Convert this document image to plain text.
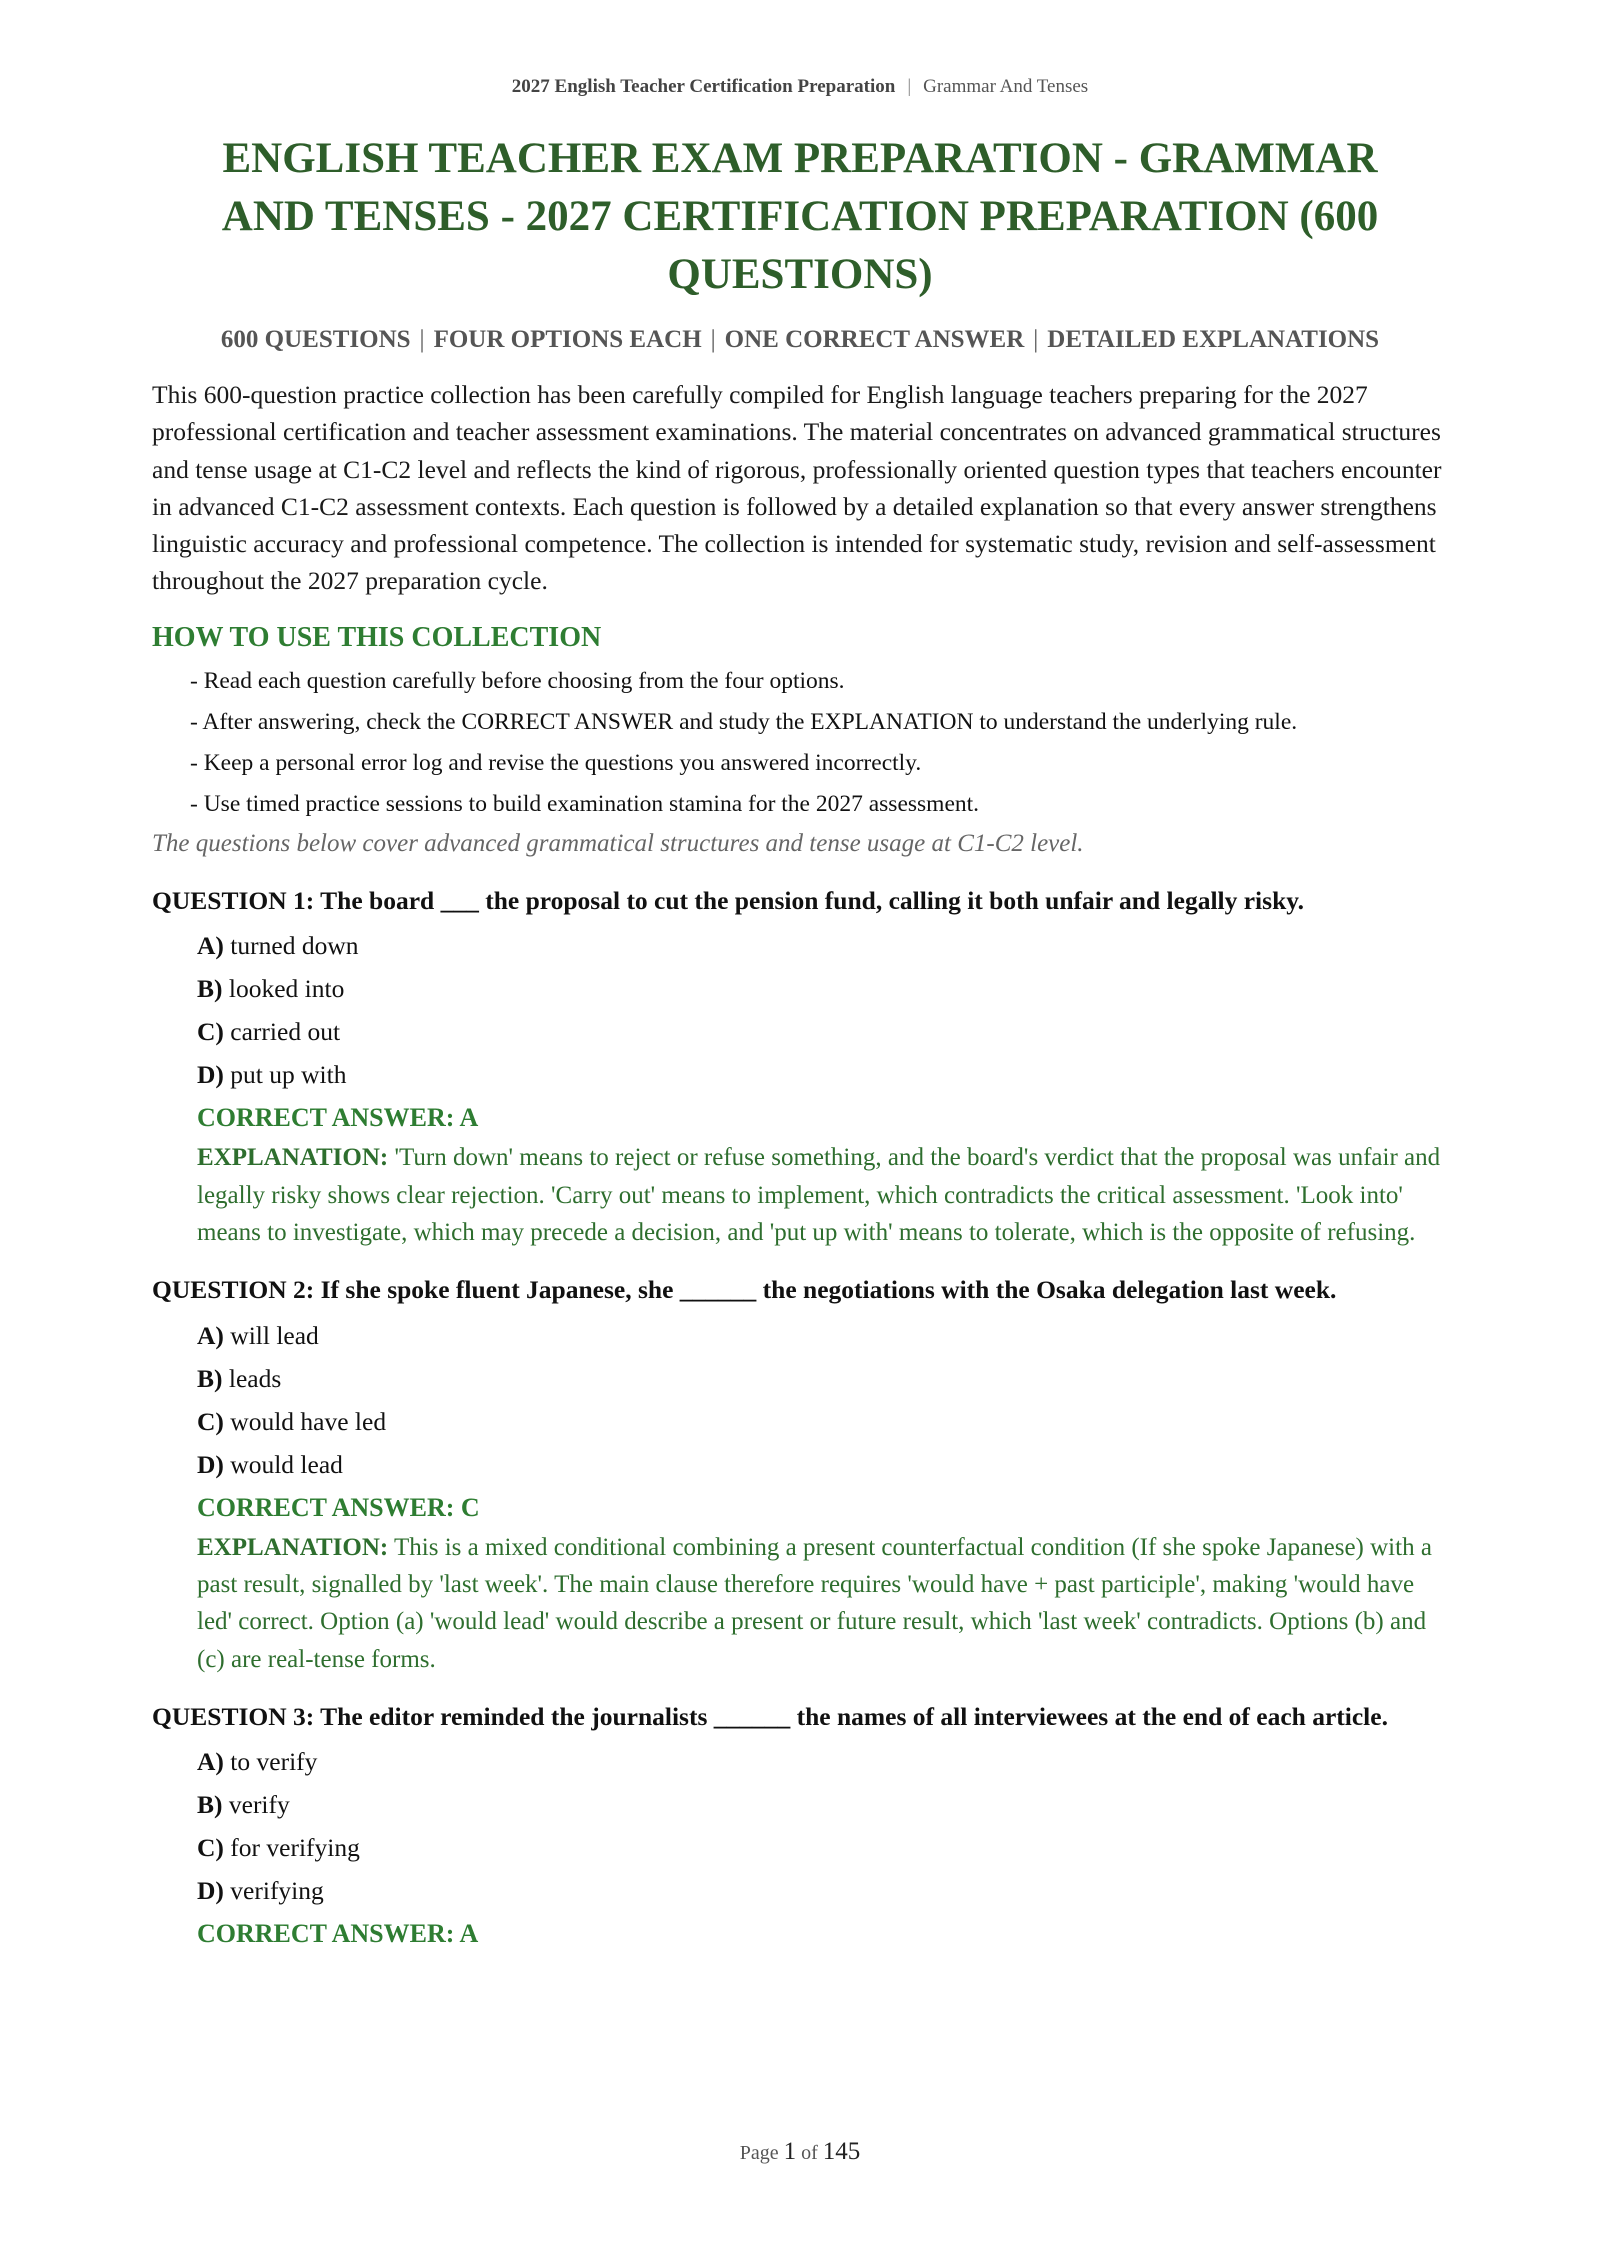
2027 English Teacher Certification Preparation | Grammar And Tenses
ENGLISH TEACHER EXAM PREPARATION - GRAMMAR AND TENSES - 2027 CERTIFICATION PREPARATION (600 QUESTIONS)
600 QUESTIONS | FOUR OPTIONS EACH | ONE CORRECT ANSWER | DETAILED EXPLANATIONS

This 600-question practice collection has been carefully compiled for English language teachers preparing for the 2027 professional certification and teacher assessment examinations. The material concentrates on advanced grammatical structures and tense usage at C1-C2 level and reflects the kind of rigorous, professionally oriented question types that teachers encounter in advanced C1-C2 assessment contexts. Each question is followed by a detailed explanation so that every answer strengthens linguistic accuracy and professional competence. The collection is intended for systematic study, revision and self-assessment throughout the 2027 preparation cycle.

HOW TO USE THIS COLLECTION
- Read each question carefully before choosing from the four options.
- After answering, check the CORRECT ANSWER and study the EXPLANATION to understand the underlying rule.
- Keep a personal error log and revise the questions you answered incorrectly.
- Use timed practice sessions to build examination stamina for the 2027 assessment.
The questions below cover advanced grammatical structures and tense usage at C1-C2 level.
QUESTION 1: The board ___ the proposal to cut the pension fund, calling it both unfair and legally risky.
A) turned down
B) looked into
C) carried out
D) put up with
CORRECT ANSWER: A
EXPLANATION: 'Turn down' means to reject or refuse something, and the board's verdict that the proposal was unfair and legally risky shows clear rejection. 'Carry out' means to implement, which contradicts the critical assessment. 'Look into' means to investigate, which may precede a decision, and 'put up with' means to tolerate, which is the opposite of refusing.
QUESTION 2: If she spoke fluent Japanese, she ______ the negotiations with the Osaka delegation last week.
A) will lead
B) leads
C) would have led
D) would lead
CORRECT ANSWER: C
EXPLANATION: This is a mixed conditional combining a present counterfactual condition (If she spoke Japanese) with a past result, signalled by 'last week'. The main clause therefore requires 'would have + past participle', making 'would have led' correct. Option (a) 'would lead' would describe a present or future result, which 'last week' contradicts. Options (b) and (c) are real-tense forms.
QUESTION 3: The editor reminded the journalists ______ the names of all interviewees at the end of each article.
A) to verify
B) verify
C) for verifying
D) verifying
CORRECT ANSWER: A
Page 1 of 145
